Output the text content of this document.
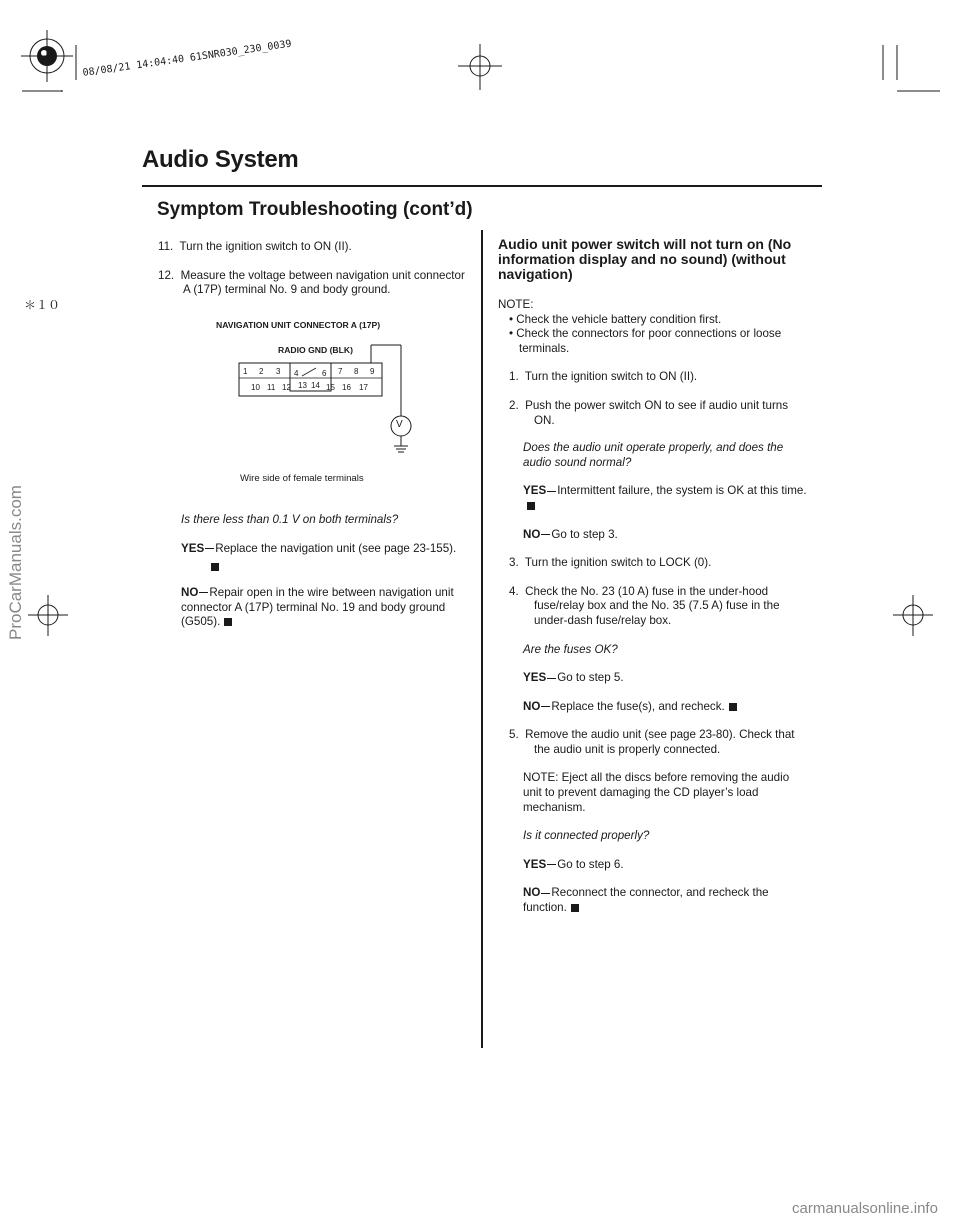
08/08/21 14:04:40 61SNR030_230_0039
Audio System
Symptom Troubleshooting (cont’d)
＊１０
11. Turn the ignition switch to ON (II).
12. Measure the voltage between navigation unit connector A (17P) terminal No. 9 and body ground.
NAVIGATION UNIT CONNECTOR A (17P)
RADIO GND (BLK)
V
1 2 3 4	6 7 8 9
10 11 12 13 14 15 16 17
Wire side of female terminals
Is there less than 0.1 V on both terminals?
YES Replace the navigation unit (see page 23-155).
NO Repair open in the wire between navigation unit connector A (17P) terminal No. 19 and body ground (G505).
Audio unit power switch will not turn on (No information display and no sound) (without navigation)
NOTE:
• Check the vehicle battery condition first.
• Check the connectors for poor connections or loose terminals.
1. Turn the ignition switch to ON (II).
2. Push the power switch ON to see if audio unit turns ON.
Does the audio unit operate properly, and does the audio sound normal?
YES Intermittent failure, the system is OK at this time.
NO Go to step 3.
3. Turn the ignition switch to LOCK (0).
4. Check the No. 23 (10 A) fuse in the under-hood fuse/relay box and the No. 35 (7.5 A) fuse in the under-dash fuse/relay box.
Are the fuses OK?
YES Go to step 5.
NO Replace the fuse(s), and recheck.
5. Remove the audio unit (see page 23-80). Check that the audio unit is properly connected.
NOTE: Eject all the discs before removing the audio unit to prevent damaging the CD player’s load mechanism.
Is it connected properly?
YES Go to step 6.
NO Reconnect the connector, and recheck the function.
ProCarManuals.com
carmanualsonline.info
